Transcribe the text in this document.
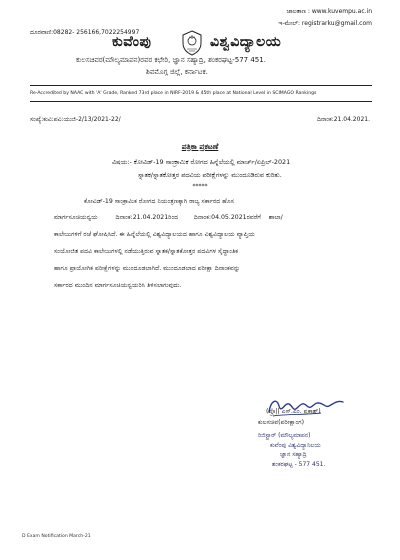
ಜಾಲತಾಣ : www.kuvempu.ac.in
ಇ-ಮೇಲ್: registrarku@gmail.com
ದೂರವಾಣಿ:08282- 256166,7022254997
ಕುವೆಂಪು	ವಿಶ್ವವಿದ್ಯಾಲಯ
ಕುಲಸಚಿವರ(ಮೌಲ್ಯಮಾಪನ)ರವರ ಕಛೇರಿ, ಜ್ಞಾನ ಸಹ್ಯಾದ್ರಿ, ಶಂಕರಘಟ್ಟ-577 451.
ಶಿವಮೊಗ್ಗ ಜಿಲ್ಲೆ, ಕರ್ನಾಟಕ.
Re-Accredited by NAAC with 'A' Grade, Ranked 73rd place in NIRF-2019 & 45th place at National Level in SCIMAGO Rankings
ಸಂಖ್ಯೆ:ಕುವಿ:ಪವಿ:ಯುಜಿ-2/13/2021-22/	ದಿನಾಂಕ:21.04.2021.
ಪತ್ರಿಕಾ ಪ್ರಕಟಣೆ
ವಿಷಯ:- ಕೋವಿಡ್-19 ಸಾಂಕ್ರಾಮಿಕ ರೋಗದ ಹಿನ್ನೆಲೆಯಲ್ಲಿ ಮಾರ್ಚ್/ಏಪ್ರಿಲ್-2021
ಸ್ನಾತಕ/ಸ್ನಾತಕೋತ್ತರ ಪದವಿಯ ಪರೀಕ್ಷೆಗಳನ್ನು ಮುಂದೂಡಿರುವ ಕುರಿತು.
*****
ಕೋವಿಡ್-19 ಸಾಂಕ್ರಾಮಿಕ ರೋಗದ ನಿಯಂತ್ರಣಕ್ಕಾಗಿ ರಾಜ್ಯ ಸರ್ಕಾರದ ಹೊಸ
ಮಾರ್ಗಸೂಚಿಯನ್ವಯ         ದಿನಾಂಕ:21.04.2021ರಿಂದ        ದಿನಾಂಕ:04.05.2021ರವರೆಗೆ    ಶಾಲಾ/
ಕಾಲೇಜುಗಳಿಗೆ ರಜೆ ಘೋಷಿಸಿದೆ. ಈ ಹಿನ್ನೆಲೆಯಲ್ಲಿ ವಿಶ್ವವಿದ್ಯಾಲಯದ ಹಾಗೂ ವಿಶ್ವವಿದ್ಯಾಲಯ ವ್ಯಾಪ್ತಿಯ
ಸಂಯೋಜಿತ ಪದವಿ ಕಾಲೇಜುಗಳಲ್ಲಿ ನಡೆಯುತ್ತಿರುವ ಸ್ನಾತಕ/ಸ್ನಾತಕೋತ್ತರ ಪದವಿಗಳ ಸೈದ್ಧಾಂತಿಕ
ಹಾಗೂ ಪ್ರಾಯೋಗಿಕ ಪರೀಕ್ಷೆಗಳನ್ನು ಮುಂದೂಡಲಾಗಿದೆ. ಮುಂದೂಡಲಾದ ಪರೀಕ್ಷಾ ದಿನಾಂಕವನ್ನು
ಸರ್ಕಾರದ ಮುಂದಿನ ಮಾರ್ಗಸೂಚಿಯನ್ವಯರಿಸಿ ತಿಳಿಸಲಾಗುವುದು.
(ಪ್ರೊ|| ಎಸ್.ಎಂ. ಪ್ರಕಾಶ್)
ಕುಲಸಚಿವ(ಪರೀಕ್ಷಾಂಗ)
ರಿಜಿಸ್ಟ್ರಾರ್ (ಮೌಲ್ಯಮಾಪನ)
ಕುವೆಂಪು ವಿಶ್ವವಿದ್ಯಾನಿಲಯ
ಜ್ಞಾನ ಸಹ್ಯಾದ್ರಿ
ಶಂಕರಘಟ್ಟ - 577 451.
D Exam Notification March-21
